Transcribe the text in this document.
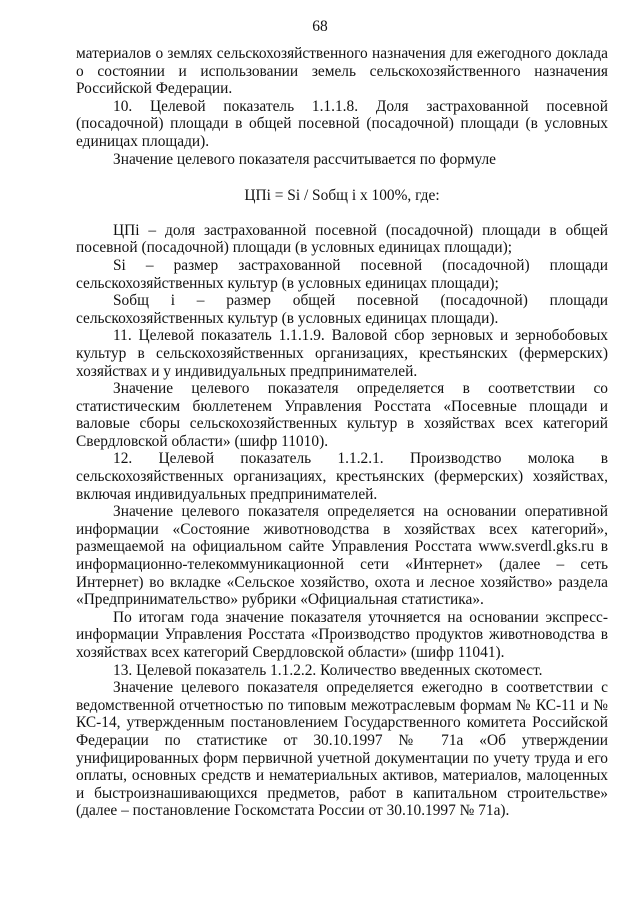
68

материалов о землях сельскохозяйственного назначения для ежегодного доклада о состоянии и использовании земель сельскохозяйственного назначения Российской Федерации.

10. Целевой показатель 1.1.1.8. Доля застрахованной посевной (посадочной) площади в общей посевной (посадочной) площади (в условных единицах площади).

Значение целевого показателя рассчитывается по формуле

ЦПi = Si / Sобщ i x 100%, где:

ЦПi – доля застрахованной посевной (посадочной) площади в общей посевной (посадочной) площади (в условных единицах площади);

Si – размер застрахованной посевной (посадочной) площади сельскохозяйственных культур (в условных единицах площади);

Sобщ i – размер общей посевной (посадочной) площади сельскохозяйственных культур (в условных единицах площади).

11. Целевой показатель 1.1.1.9. Валовой сбор зерновых и зернобобовых культур в сельскохозяйственных организациях, крестьянских (фермерских) хозяйствах и у индивидуальных предпринимателей.

Значение целевого показателя определяется в соответствии со статистическим бюллетенем Управления Росстата «Посевные площади и валовые сборы сельскохозяйственных культур в хозяйствах всех категорий Свердловской области» (шифр 11010).

12. Целевой показатель 1.1.2.1. Производство молока в сельскохозяйственных организациях, крестьянских (фермерских) хозяйствах, включая индивидуальных предпринимателей.

Значение целевого показателя определяется на основании оперативной информации «Состояние животноводства в хозяйствах всех категорий», размещаемой на официальном сайте Управления Росстата www.sverdl.gks.ru в информационно-телекоммуникационной сети «Интернет» (далее – сеть Интернет) во вкладке «Сельское хозяйство, охота и лесное хозяйство» раздела «Предпринимательство» рубрики «Официальная статистика».

По итогам года значение показателя уточняется на основании экспресс-информации Управления Росстата «Производство продуктов животноводства в хозяйствах всех категорий Свердловской области» (шифр 11041).

13. Целевой показатель 1.1.2.2. Количество введенных скотомест.

Значение целевого показателя определяется ежегодно в соответствии с ведомственной отчетностью по типовым межотраслевым формам № КС-11 и № КС-14, утвержденным постановлением Государственного комитета Российской Федерации по статистике от 30.10.1997 № 71а «Об утверждении унифицированных форм первичной учетной документации по учету труда и его оплаты, основных средств и нематериальных активов, материалов, малоценных и быстроизнашивающихся предметов, работ в капитальном строительстве» (далее – постановление Госкомстата России от 30.10.1997 № 71а).
